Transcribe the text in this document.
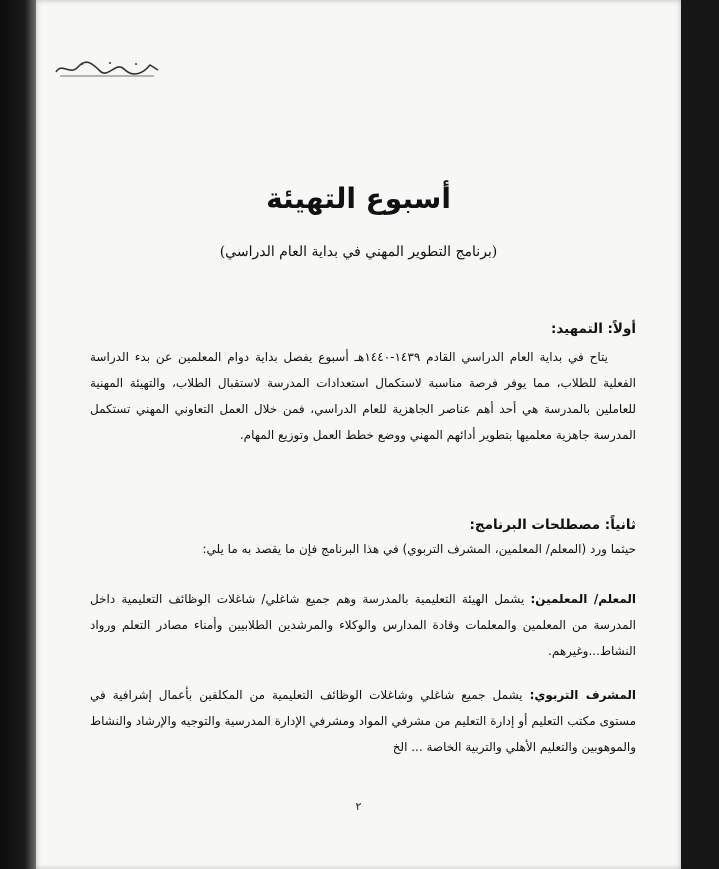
أسبوع التهيئة
(برنامج التطوير المهني في بداية العام الدراسي)
أولاً: التمهيد:
يتاح في بداية العام الدراسي القادم ١٤٣٩-١٤٤٠هـ أسبوع يفصل بداية دوام المعلمين عن بدء الدراسة الفعلية للطلاب، مما يوفر فرصة مناسبة لاستكمال استعدادات المدرسة لاستقبال الطلاب، والتهيئة المهنية للعاملين بالمدرسة هي أحد أهم عناصر الجاهزية للعام الدراسي، فمن خلال العمل التعاوني المهني تستكمل المدرسة جاهزية معلميها بتطوير أدائهم المهني ووضع خطط العمل وتوزيع المهام.
ثانياً: مصطلحات البرنامج:
حيثما ورد (المعلم/ المعلمين، المشرف التربوي) في هذا البرنامج فإن ما يقصد به ما يلي:
المعلم/ المعلمين: يشمل الهيئة التعليمية بالمدرسة وهم جميع شاغلي/ شاغلات الوظائف التعليمية داخل المدرسة من المعلمين والمعلمات وقادة المدارس والوكلاء والمرشدين الطلابيين وأمناء مصادر التعلم ورواد النشاط...وغيرهم.
المشرف التربوي: يشمل جميع شاغلي وشاغلات الوظائف التعليمية من المكلفين بأعمال إشرافية في مستوى مكتب التعليم أو إدارة التعليم من مشرفي المواد ومشرفي الإدارة المدرسية والتوجيه والإرشاد والنشاط والموهوبين والتعليم الأهلي والتربية الخاصة ... الخ
٢
